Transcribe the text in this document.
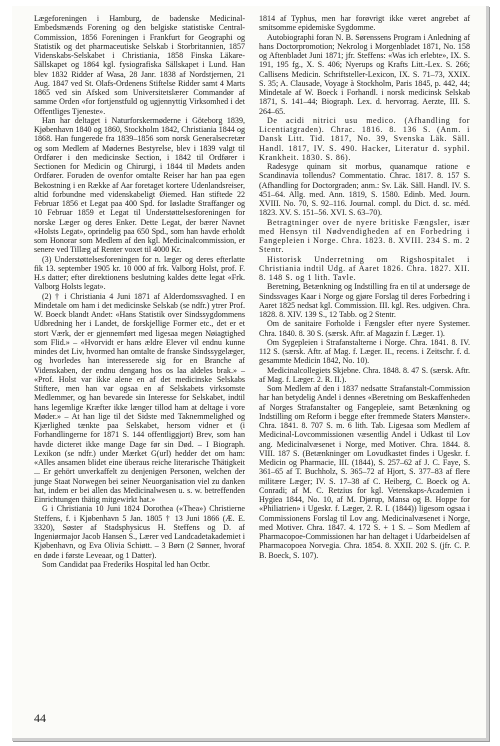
Lægeforeningen i Hamburg, de badenske Medicinal-Embedsmænds Forening og den belgiske statistiske Central-Commission, 1856 Foreningen i Frankfurt for Geographi og Statistik og det pharmaceutiske Selskab i Storbritannien, 1857 Videnskabs-Selskabet i Christiania, 1858 Finska Läkare-Sällskapet og 1864 kgl. fysiografiska Sällskapet i Lund. Han blev 1832 Ridder af Wasa, 28 Janr. 1838 af Nordstjernen, 21 Aug. 1847 ved St. Olafs-Ordenens Stiftelse Ridder samt 4 Marts 1865 ved sin Afsked som Universitetslærer Commandør af samme Orden «for fortjenstfuld og ugjennyttig Virksomhed i det Offentliges Tjeneste».

Han har deltaget i Naturforskermøderne i Göteborg 1839, Kjøbenhavn 1840 og 1860, Stockholm 1842, Christiania 1844 og 1868. Han fungerede fra 1839–1856 som norsk Generalsecretær og som Medlem af Mødernes Bestyrelse, blev i 1839 valgt til Ordfører i den medicinske Section, i 1842 til Ordfører i Sectionen for Medicin og Chirurgi, i 1844 til Mødets anden Ordfører. Foruden de ovenfor omtalte Reiser har han paa egen Bekostning i en Række af Aar foretaget kortere Udenlandsreiser, altid forbundne med videnskabeligt Øiemed. Han stiftede 22 Februar 1856 et Legat paa 400 Spd. for Iøsladte Straffanger og 10 Februar 1859 et Legat til Understøttelsesforeningen for norske Læger og deres Enker. Dette Legat, der bærer Navnet «Holsts Legat», oprindelig paa 650 Spd., som han havde erholdt som Honorar som Medlem af den kgl. Medicinalcommission, er senere ved Tillæg af Renter voxet til 4000 Kr.

(3) Understøttelsesforeningen for n. læger og deres efterlatte fik 13. september 1905 kr. 10 000 af frk. Valborg Holst, prof. F. H.s datter; efter direktionens beslutning kaldes dette legat «Frk. Valborg Holsts legat».

(2) † i Christiania 4 Juni 1871 af Alderdomssvaghed. I en Mindetale om ham i det medicinske Selskab (se ndfr.) ytrer Prof. W. Boeck blandt Andet: «Hans Statistik over Sindssygdommens Udbredning her i Landet, de forskjellige Former etc., det er et stort Værk, der er gjennemført med ligesaa megen Nøiagtighed som Flid.» – «Hvorvidt er hans ældre Elever vil endnu kunne mindes det Liv, hvormed han omtalte de franske Sindssygelæger, og hvorledes han interesserede sig for en Branche af Videnskaben, der endnu dengang hos os laa aldeles brak.» – «Prof. Holst var ikke alene en af det medicinske Selskabs Stiftere, men han var ogsaa en af Selskabets virksomste Medlemmer, og han bevarede sin Interesse for Selskabet, indtil hans legemlige Kræfter ikke længer tillod ham at deltage i vore Møder.» – At han lige til det Sidste med Taknemmelighed og Kjærlighed tænkte paa Selskabet, hersom vidner et (i Forhandlingerne for 1871 S. 144 offentliggjort) Brev, som han havde dicteret ikke mange Dage før sin Død. – I Biograph. Lexikon (se ndfr.) under Mærket G(url) hedder det om ham: «Alles ansamen blidet eine überaus reiche literarische Thätigkeit ... Er gehört unverkaffelt zu denjenigen Personen, welchen der junge Staat Norwegen bei seiner Neuorganisation viel zu danken hat, indem er bei allen das Medicinalwesen u. s. w. betreffenden Einrichtungen thätig mitgewirkt hat.»

G i Christiania 10 Juni 1824 Dorothea («Thea») Christierne Steffens, f. i Kjøbenhavn 5 Jan. 1805 † 13 Juni 1866 (Æ. E. 3320), Søster af Stadsphysicus H. Steffens og D. af Ingeniørmajor Jacob Hansen S., Lærer ved Landcadetakademiet i Kjøbenhavn, og Eva Olivia Schiøtt. – 3 Børn (2 Sønner, hvoraf en døde i første Leveaar, og 1 Datter).

Som Candidat paa Frederiks Hospital led han Octbr.

1814 af Typhus, men har forøvrigt ikke været angrebet af smitsomme epidemiske Sygdomme.

Autobiographi foran N. B. Sørenssens Program i Anledning af hans Doctorpromotion; Nekrolog i Morgenbladet 1871, No. 158 og Aftenbladet Juni 1871; jfr. Steffens: «Was ich erlebte», IX. S. 191, 195 fg., X. S. 406; Nyerups og Krafts Litt.-Lex. S. 266; Callisens Medicin. Schriftsteller-Lexicon, IX. S. 71–73, XXIX. S. 35; A. Clausade, Voyage à Stockholm, Paris 1845, p. 442, 44; Mindetale af W. Boeck i Forhandl. i norsk medicinsk Selskab 1871, S. 141–44; Biograph. Lex. d. hervorrag. Aerzte, III. S. 264–65.

De acidi nitrici usu medico. (Afhandling for Licentiatgraden). Chrac. 1816. 8. 136 S. (Anm. i Dansk Litt. Tid. 1817, No. 39, Svenska Läk. Säll. Handl. 1817, IV. S. 490. Hacker, Literatur d. syphil. Krankheit. 1830. S. 86).

Radesyge quinam sit morbus, quanamque ratione e Scandinavia tollendus? Commentatio. Chrac. 1817. 8. 157 S. (Afhandling for Doctorgraden; anm.: Sv. Läk. Säll. Handl. IV. S. 451–64. Allg. med. Ann. 1819, S. 1580. Edinb. Med. Journ. XVIII. No. 70, S. 92–116. Journal. compl. du Dict. d. sc. méd. 1823. XV. S. 151–56. XVI. S. 63–70).

Betragtninger over de nyere britiske Fængsler, især med Hensyn til Nødvendigheden af en Forbedring i Fangepleien i Norge. Chra. 1823. 8. XVIII. 234 S. m. 2 Stentr.

Historisk Underretning om Rigshospitalet i Christiania indtil Udg. af Aaret 1826. Chra. 1827. XII. 8. 148 S. og 1 lith. Tavle.

Beretning, Betænkning og Indstilling fra en til at undersøge de Sindssvages Kaar i Norge og gjøre Forslag til deres Forbedring i Aaret 1825 nedsat kgl. Commission. III. kgl. Res. udgiven. Chra. 1828. 8. XIV. 139 S., 12 Tabb. og 2 Stentr.

Om de sanitaire Forholde i Fængsler efter nyere Systemer. Chra. 1840. 8. 30 S. (særsk. Aftr. af Magazin f. Læger. 1).

Om Sygepleien i Strafanstalterne i Norge. Chra. 1841. 8. IV. 112 S. (særsk. Aftr. af Mag. f. Læger. II., recens. i Zeitschr. f. d. gesammte Medicin 1842, No. 10).

Medicinalcollegiets Skjebne. Chra. 1848. 8. 47 S. (særsk. Aftr. af Mag. f. Læger. 2. R. II.).

Som Medlem af den i 1837 nedsatte Strafanstalt-Commission har han betydelig Andel i dennes «Beretning om Beskaffenheden af Norges Strafanstalter og Fangepleie, samt Betænkning og Indstilling om Reform i begge efter fremmede Staters Mønster». Chra. 1841. 8. 707 S. m. 6 lith. Tab. Ligesaa som Medlem af Medicinal-Lovcommissionen væsentlig Andel i Udkast til Lov ang. Medicinalvæsenet i Norge, med Motiver. Chra. 1844. 8. VIII. 187 S. (Betænkninger om Lovudkastet findes i Ugeskr. f. Medicin og Pharmacie, III. (1844), S. 257–62 af J. C. Faye, S. 361–65 af T. Buchholz, S. 365–72 af Hjort, S. 377–83 af flere militære Læger; IV. S. 17–38 af C. Heiberg, C. Boeck og A. Conradi; af M. C. Retzius for kgl. Vetenskaps-Academien i Hygiea 1844, No. 10, af M. Djørup, Mansa og B. Hoppe for «Philiatrien» i Ugeskr. f. Læger, 2. R. I. (1844)) ligesom ogsaa i Commissionens Forslag til Lov ang. Medicinalvæsenet i Norge, med Motiver. Chra. 1847. 4. 172 S. + 1 S. – Som Medlem af Pharmacopoe-Commissionen har han deltaget i Udarbeidelsen af Pharmacopoea Norvegia. Chra. 1854. 8. XXII. 202 S. (jfr. C. P. B. Boeck, S. 107).

44
